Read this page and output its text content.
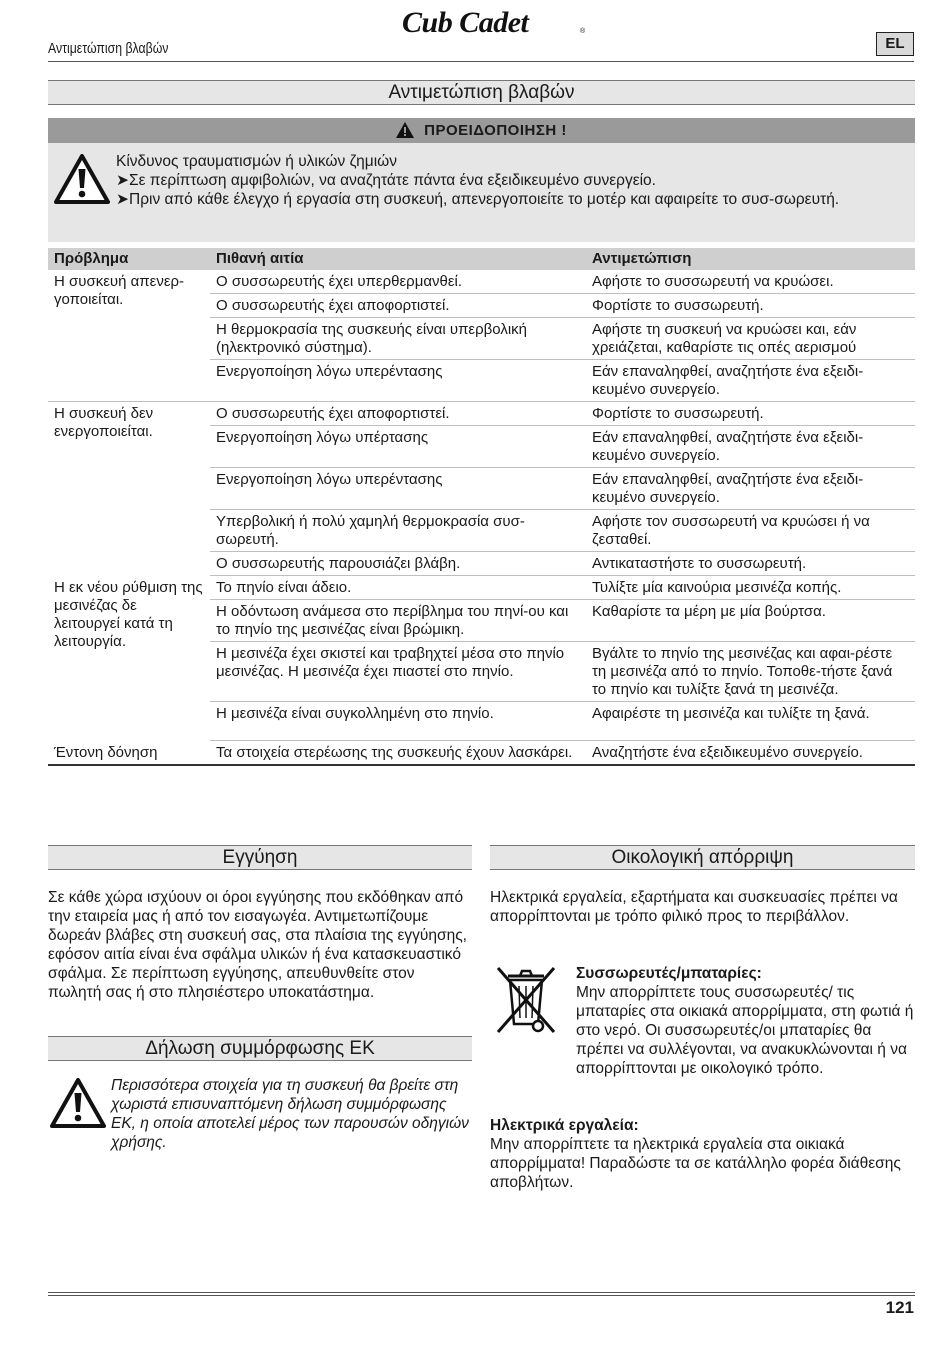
Αντιμετώπιση βλαβών
Cub Cadet	®
EL
Αντιμετώπιση βλαβών
ΠΡΟΕΙΔΟΠΟΙΗΣΗ !
Κίνδυνος τραυματισμών ή υλικών ζημιών
➤Σε περίπτωση αμφιβολιών, να αναζητάτε πάντα ένα εξειδικευμένο συνεργείο.
➤Πριν από κάθε έλεγχο ή εργασία στη συσκευή, απενεργοποιείτε το μοτέρ και αφαιρείτε το συσ-σωρευτή.
Πρόβλημα	Πιθανή αιτία	Αντιμετώπιση
Η συσκευή απενερ-γοποιείται.	Ο συσσωρευτής έχει υπερθερμανθεί.	Αφήστε το συσσωρευτή να κρυώσει.
	Ο συσσωρευτής έχει αποφορτιστεί.	Φορτίστε το συσσωρευτή.
	Η θερμοκρασία της συσκευής είναι υπερβολική (ηλεκτρονικό σύστημα).	Αφήστε τη συσκευή να κρυώσει και, εάν χρειάζεται, καθαρίστε τις οπές αερισμού
	Ενεργοποίηση λόγω υπερέντασης	Εάν επαναληφθεί, αναζητήστε ένα εξειδι-κευμένο συνεργείο.
Η συσκευή δεν ενεργοποιείται.	Ο συσσωρευτής έχει αποφορτιστεί.	Φορτίστε το συσσωρευτή.
	Ενεργοποίηση λόγω υπέρτασης	Εάν επαναληφθεί, αναζητήστε ένα εξειδι-κευμένο συνεργείο.
	Ενεργοποίηση λόγω υπερέντασης	Εάν επαναληφθεί, αναζητήστε ένα εξειδι-κευμένο συνεργείο.
	Υπερβολική ή πολύ χαμηλή θερμοκρασία συσ-σωρευτή.	Αφήστε τον συσσωρευτή να κρυώσει ή να ζεσταθεί.
	Ο συσσωρευτής παρουσιάζει βλάβη.	Αντικαταστήστε το συσσωρευτή.
Η εκ νέου ρύθμιση της μεσινέζας δε λειτουργεί κατά τη λειτουργία.	Το πηνίο είναι άδειο.	Τυλίξτε μία καινούρια μεσινέζα κοπής.
	Η οδόντωση ανάμεσα στο περίβλημα του πηνί-ου και το πηνίο της μεσινέζας είναι βρώμικη.	Καθαρίστε τα μέρη με μία βούρτσα.
	Η μεσινέζα έχει σκιστεί και τραβηχτεί μέσα στο πηνίο μεσινέζας. Η μεσινέζα έχει πιαστεί στο πηνίο.	Βγάλτε το πηνίο της μεσινέζας και αφαι-ρέστε τη μεσινέζα από το πηνίο. Τοποθε-τήστε ξανά το πηνίο και τυλίξτε ξανά τη μεσινέζα.
	Η μεσινέζα είναι συγκολλημένη στο πηνίο.	Αφαιρέστε τη μεσινέζα και τυλίξτε τη ξανά.
Έντονη δόνηση	Τα στοιχεία στερέωσης της συσκευής έχουν λασκάρει.	Αναζητήστε ένα εξειδικευμένο συνεργείο.
Εγγύηση
Σε κάθε χώρα ισχύουν οι όροι εγγύησης που εκδόθηκαν από την εταιρεία μας ή από τον εισαγωγέα. Αντιμετωπίζουμε δωρεάν βλάβες στη συσκευή σας, στα πλαίσια της εγγύησης, εφόσον αιτία είναι ένα σφάλμα υλικών ή ένα κατασκευαστικό σφάλμα. Σε περίπτωση εγγύησης, απευθυνθείτε στον πωλητή σας ή στο πλησιέστερο υποκατάστημα.
Δήλωση συμμόρφωσης ΕΚ
Περισσότερα στοιχεία για τη συσκευή θα βρείτε στη χωριστά επισυναπτόμενη δήλωση συμμόρφωσης ΕΚ, η οποία αποτελεί μέρος των παρουσών οδηγιών χρήσης.
Οικολογική απόρριψη
Ηλεκτρικά εργαλεία, εξαρτήματα και συσκευασίες πρέπει να απορρίπτονται με τρόπο φιλικό προς το περιβάλλον.
Συσσωρευτές/μπαταρίες:
Μην απορρίπτετε τους συσσωρευτές/ τις μπαταρίες στα οικιακά απορρίμματα, στη φωτιά ή στο νερό. Οι συσσωρευτές/οι μπαταρίες θα πρέπει να συλλέγονται, να ανακυκλώνονται ή να απορρίπτονται με οικολογικό τρόπο.
Ηλεκτρικά εργαλεία:
Μην απορρίπτετε τα ηλεκτρικά εργαλεία στα οικιακά απορρίμματα! Παραδώστε τα σε κατάλληλο φορέα διάθεσης αποβλήτων.
121
